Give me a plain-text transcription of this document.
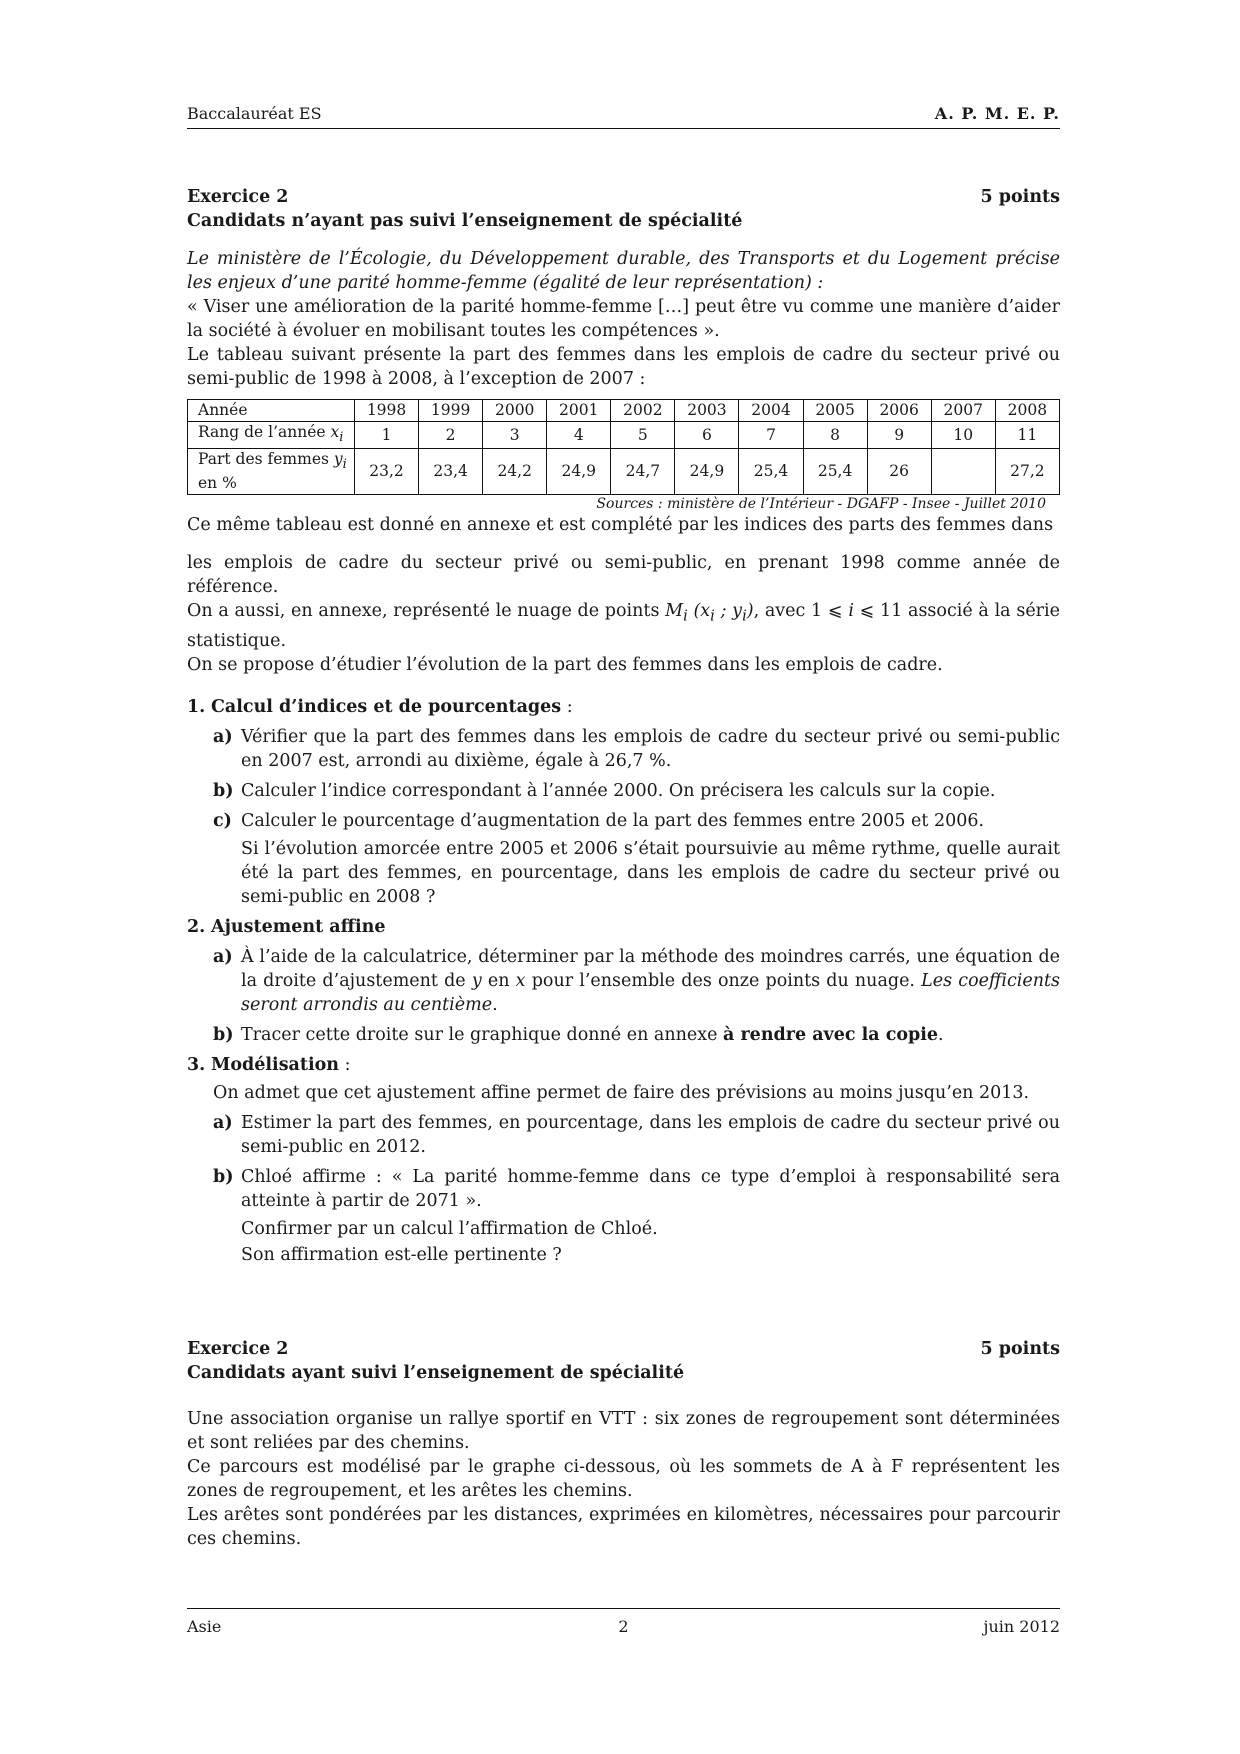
Baccalauréat ES	A. P. M. E. P.
Exercice 2	5 points
Candidats n’ayant pas suivi l’enseignement de spécialité

Le ministère de l’Écologie, du Développement durable, des Transports et du Logement précise les enjeux d’une parité homme-femme (égalité de leur représentation) :

« Viser une amélioration de la parité homme-femme […] peut être vu comme une manière d’aider la société à évoluer en mobilisant toutes les compétences ».

Le tableau suivant présente la part des femmes dans les emplois de cadre du secteur privé ou semi-public de 1998 à 2008, à l’exception de 2007 :

Année	1998	1999	2000	2001	2002	2003	2004	2005	2006	2007	2008
Rang de l’année $x_i$	1	2	3	4	5	6	7	8	9	10	11
Part des femmes $y_i$
en %	23,2	23,4	24,2	24,9	24,7	24,9	25,4	25,4	26		27,2
Sources : ministère de l’Intérieur - DGAFP - Insee - Juillet 2010

Ce même tableau est donné en annexe et est complété par les indices des parts des femmes dans

les emplois de cadre du secteur privé ou semi-public, en prenant 1998 comme année de référence.

On a aussi, en annexe, représenté le nuage de points $M_i$ ($x_i$ ; $y_i$), avec 1 ⩽ i ⩽ 11 associé à la série statistique.

On se propose d’étudier l’évolution de la part des femmes dans les emplois de cadre.

1. Calcul d’indices et de pourcentages :
a) Vérifier que la part des femmes dans les emplois de cadre du secteur privé ou semi-public en 2007 est, arrondi au dixième, égale à 26,7 %.

b) Calculer l’indice correspondant à l’année 2000. On précisera les calculs sur la copie.

c) Calculer le pourcentage d’augmentation de la part des femmes entre 2005 et 2006.

Si l’évolution amorcée entre 2005 et 2006 s’était poursuivie au même rythme, quelle aurait été la part des femmes, en pourcentage, dans les emplois de cadre du secteur privé ou semi-public en 2008 ?

2. Ajustement affine
a) À l’aide de la calculatrice, déterminer par la méthode des moindres carrés, une équation de la droite d’ajustement de y en x pour l’ensemble des onze points du nuage. Les coefficients seront arrondis au centième.

b) Tracer cette droite sur le graphique donné en annexe à rendre avec la copie.

3. Modélisation :

On admet que cet ajustement affine permet de faire des prévisions au moins jusqu’en 2013.

a) Estimer la part des femmes, en pourcentage, dans les emplois de cadre du secteur privé ou semi-public en 2012.

b) Chloé affirme : « La parité homme-femme dans ce type d’emploi à responsabilité sera atteinte à partir de 2071 ».

Confirmer par un calcul l’affirmation de Chloé.

Son affirmation est-elle pertinente ?

Exercice 2	5 points
Candidats ayant suivi l’enseignement de spécialité

Une association organise un rallye sportif en VTT : six zones de regroupement sont déterminées et sont reliées par des chemins.

Ce parcours est modélisé par le graphe ci-dessous, où les sommets de A à F représentent les zones de regroupement, et les arêtes les chemins.

Les arêtes sont pondérées par les distances, exprimées en kilomètres, nécessaires pour parcourir ces chemins.

Asie	2	juin 2012
